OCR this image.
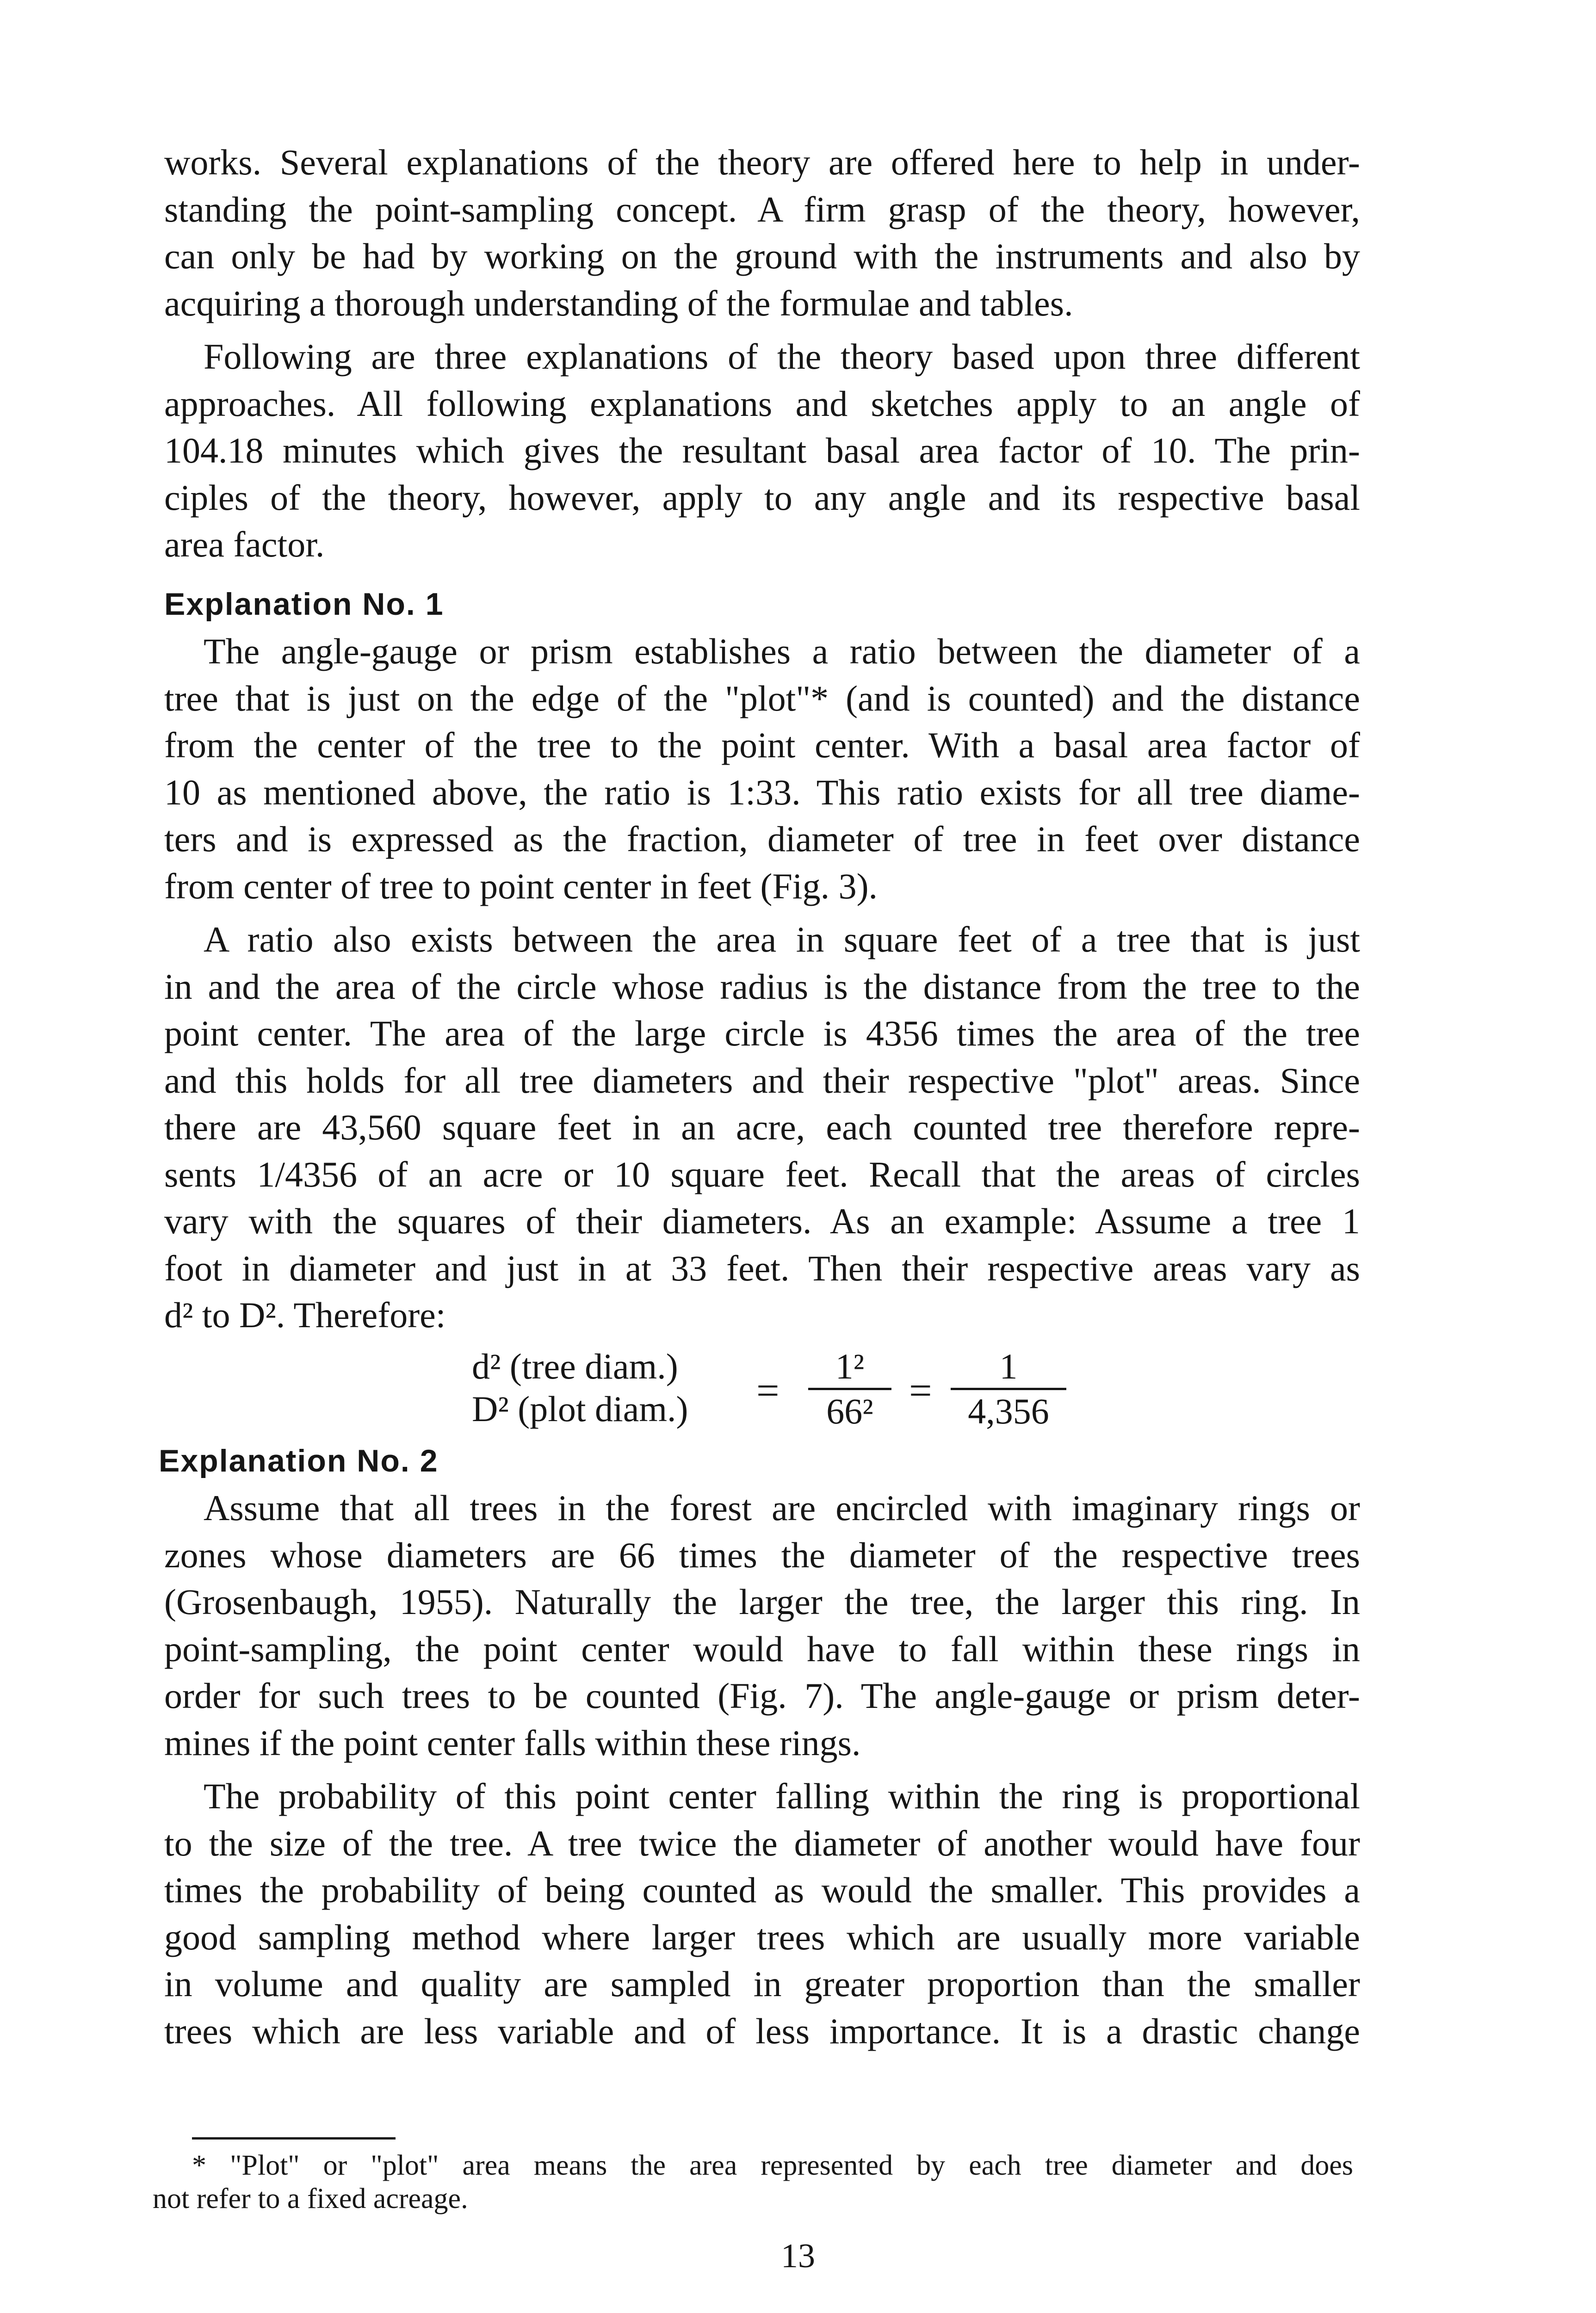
works. Several explanations of the theory are offered here to help in under-

standing the point-sampling concept. A firm grasp of the theory, however,

can only be had by working on the ground with the instruments and also by

acquiring a thorough understanding of the formulae and tables.

Following are three explanations of the theory based upon three different

approaches. All following explanations and sketches apply to an angle of

104.18 minutes which gives the resultant basal area factor of 10. The prin-

ciples of the theory, however, apply to any angle and its respective basal

area factor.

Explanation No. 1

The angle-gauge or prism establishes a ratio between the diameter of a

tree that is just on the edge of the "plot"* (and is counted) and the distance

from the center of the tree to the point center. With a basal area factor of

10 as mentioned above, the ratio is 1:33. This ratio exists for all tree diame-

ters and is expressed as the fraction, diameter of tree in feet over distance

from center of tree to point center in feet (Fig. 3).

A ratio also exists between the area in square feet of a tree that is just

in and the area of the circle whose radius is the distance from the tree to the

point center. The area of the large circle is 4356 times the area of the tree

and this holds for all tree diameters and their respective "plot" areas. Since

there are 43,560 square feet in an acre, each counted tree therefore repre-

sents 1/4356 of an acre or 10 square feet. Recall that the areas of circles

vary with the squares of their diameters. As an example: Assume a tree 1

foot in diameter and just in at 33 feet. Then their respective areas vary as

d² to D². Therefore:

d² (tree diam.)
D² (plot diam.)	= $\frac{\text{1²}}{\text{66²}} = \frac{1}{4,356}$
Explanation No. 2

Assume that all trees in the forest are encircled with imaginary rings or

zones whose diameters are 66 times the diameter of the respective trees

(Grosenbaugh, 1955). Naturally the larger the tree, the larger this ring. In

point-sampling, the point center would have to fall within these rings in

order for such trees to be counted (Fig. 7). The angle-gauge or prism deter-

mines if the point center falls within these rings.

The probability of this point center falling within the ring is proportional

to the size of the tree. A tree twice the diameter of another would have four

times the probability of being counted as would the smaller. This provides a

good sampling method where larger trees which are usually more variable

in volume and quality are sampled in greater proportion than the smaller

trees which are less variable and of less importance. It is a drastic change

* "Plot" or "plot" area means the area represented by each tree diameter and does

not refer to a fixed acreage.

13
